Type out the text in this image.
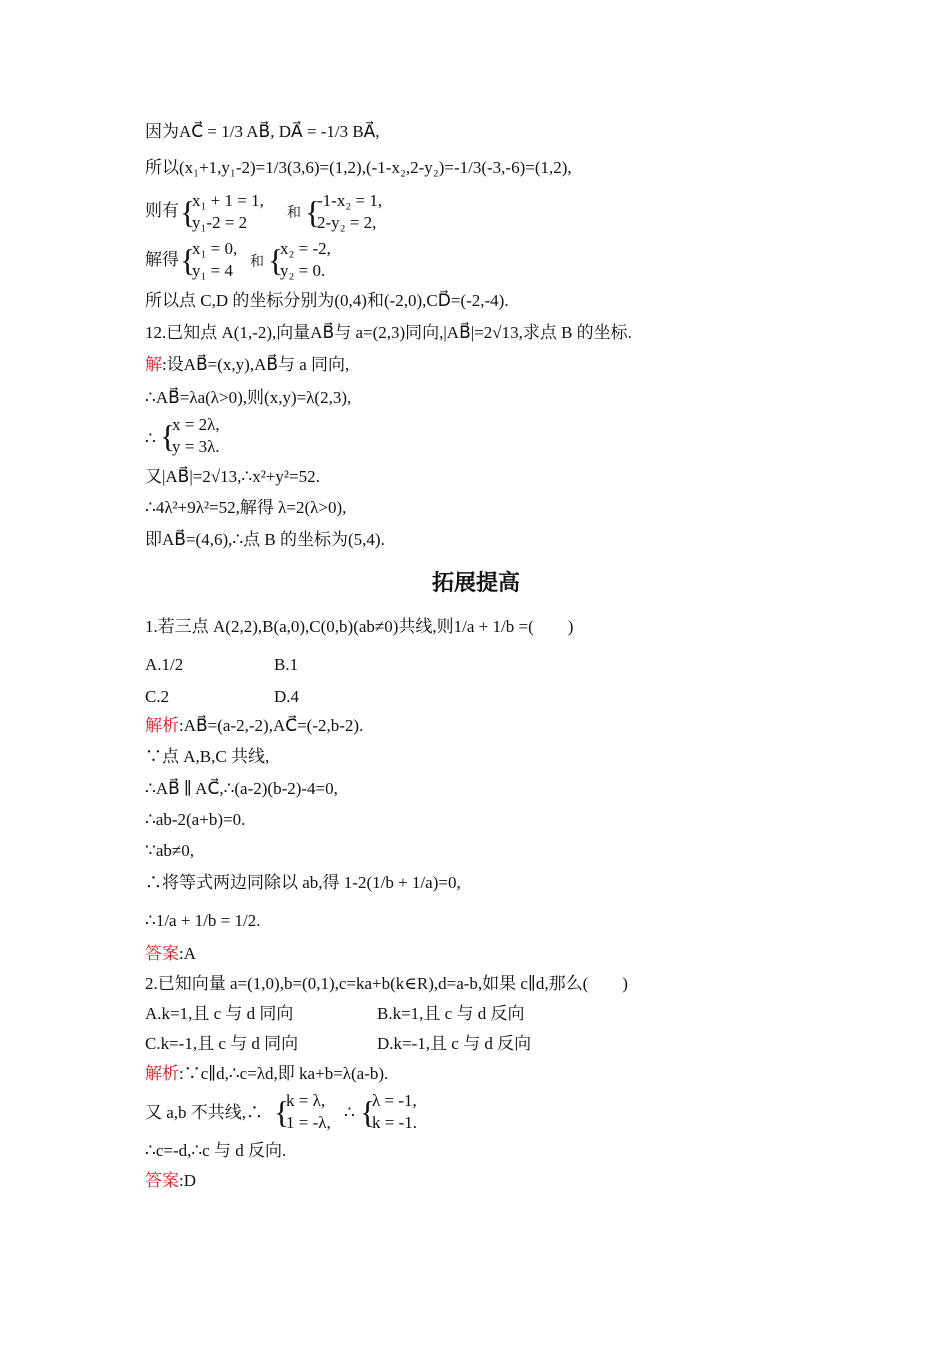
因为AC⃗ = 1/3 AB⃗, DA⃗ = -1/3 BA⃗,
所以(x₁+1,y₁-2)=1/3(3,6)=(1,2),(-1-x₂,2-y₂)=-1/3(-3,-6)=(1,2),
则有 {
x₁ + 1 = 1,
y₁-2 = 2	和 {
-1-x₂ = 1,
2-y₂ = 2,
解得 {
x₁ = 0,
y₁ = 4 和 {
x₂ = -2,
y₂ = 0.
所以点 C,D 的坐标分别为(0,4)和(-2,0),CD⃗=(-2,-4).
12.已知点 A(1,-2),向量AB⃗与 a=(2,3)同向,|AB⃗|=2√13,求点 B 的坐标.
解:设AB⃗=(x,y),AB⃗与 a 同向,
∴AB⃗=λa(λ>0),则(x,y)=λ(2,3),
∴ {
x = 2λ,
y = 3λ.
又|AB⃗|=2√13,∴x²+y²=52.
∴4λ²+9λ²=52,解得 λ=2(λ>0),
即AB⃗=(4,6),∴点 B 的坐标为(5,4).
拓展提高
1.若三点 A(2,2),B(a,0),C(0,b)(ab≠0)共线,则1/a + 1/b =(　　)
A.1/2	B.1
C.2	D.4
解析:AB⃗=(a-2,-2),AC⃗=(-2,b-2).
∵点 A,B,C 共线,
∴AB⃗ ∥ AC⃗,∴(a-2)(b-2)-4=0,
∴ab-2(a+b)=0.
∵ab≠0,
∴将等式两边同除以 ab,得 1-2(1/b + 1/a)=0,
∴1/a + 1/b = 1/2.
答案:A
2.已知向量 a=(1,0),b=(0,1),c=ka+b(k∈R),d=a-b,如果 c∥d,那么(　　)
A.k=1,且 c 与 d 同向	B.k=1,且 c 与 d 反向
C.k=-1,且 c 与 d 同向	D.k=-1,且 c 与 d 反向
解析:∵c∥d,∴c=λd,即 ka+b=λ(a-b).
又 a,b 不共线,∴ {
k = λ,
1 = -λ,
∴ {
λ = -1,
k = -1.
∴c=-d,∴c 与 d 反向.
答案:D
